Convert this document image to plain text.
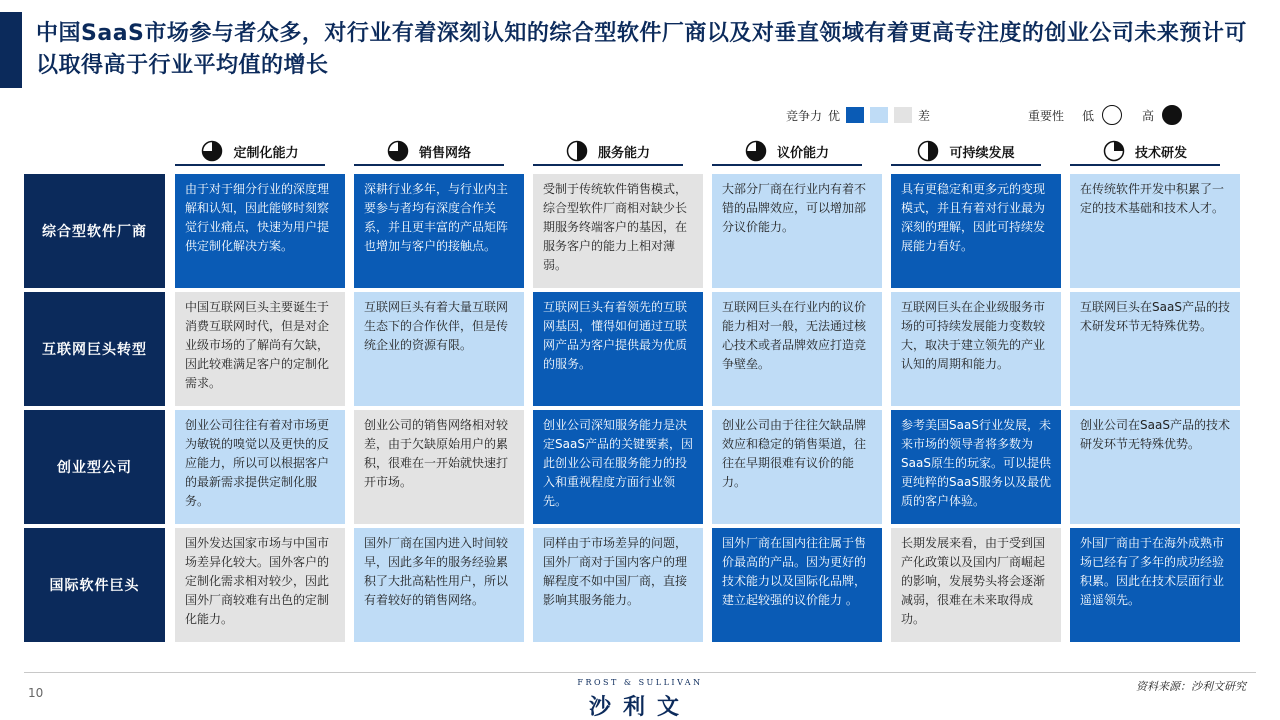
中国SaaS市场参与者众多，对行业有着深刻认知的综合型软件厂商以及对垂直领域有着更高专注度的创业公司未来预计可以取得高于行业平均值的增长
竞争力 优	差	重要性 低	高
定制化能力	销售网络	服务能力	议价能力	可持续发展	技术研发
综合型软件厂商
由于对于细分行业的深度理解和认知，因此能够时刻察觉行业痛点，快速为用户提供定制化解决方案。
深耕行业多年，与行业内主要参与者均有深度合作关系，并且更丰富的产品矩阵也增加与客户的接触点。
受制于传统软件销售模式，综合型软件厂商相对缺少长期服务终端客户的基因，在服务客户的能力上相对薄弱。
大部分厂商在行业内有着不错的品牌效应，可以增加部分议价能力。
具有更稳定和更多元的变现模式，并且有着对行业最为深刻的理解，因此可持续发展能力看好。
在传统软件开发中积累了一定的技术基础和技术人才。
互联网巨头转型
中国互联网巨头主要诞生于消费互联网时代，但是对企业级市场的了解尚有欠缺，因此较难满足客户的定制化需求。
互联网巨头有着大量互联网生态下的合作伙伴，但是传统企业的资源有限。
互联网巨头有着领先的互联网基因，懂得如何通过互联网产品为客户提供最为优质的服务。
互联网巨头在行业内的议价能力相对一般，无法通过核心技术或者品牌效应打造竞争壁垒。
互联网巨头在企业级服务市场的可持续发展能力变数较大，取决于建立领先的产业认知的周期和能力。
互联网巨头在SaaS产品的技术研发环节无特殊优势。
创业型公司
创业公司往往有着对市场更为敏锐的嗅觉以及更快的反应能力，所以可以根据客户的最新需求提供定制化服务。
创业公司的销售网络相对较差，由于欠缺原始用户的累积，很难在一开始就快速打开市场。
创业公司深知服务能力是决定SaaS产品的关键要素，因此创业公司在服务能力的投入和重视程度方面行业领先。
创业公司由于往往欠缺品牌效应和稳定的销售渠道，往往在早期很难有议价的能力。
参考美国SaaS行业发展，未来市场的领导者将多数为SaaS原生的玩家。可以提供更纯粹的SaaS服务以及最优质的客户体验。
创业公司在SaaS产品的技术研发环节无特殊优势。
国际软件巨头
国外发达国家市场与中国市场差异化较大。国外客户的定制化需求相对较少，因此国外厂商较难有出色的定制化能力。
国外厂商在国内进入时间较早，因此多年的服务经验累积了大批高粘性用户，所以有着较好的销售网络。
同样由于市场差异的问题，国外厂商对于国内客户的理解程度不如中国厂商，直接影响其服务能力。
国外厂商在国内往往属于售价最高的产品。因为更好的技术能力以及国际化品牌，建立起较强的议价能力 。
长期发展来看，由于受到国产化政策以及国内厂商崛起的影响，发展势头将会逐渐减弱，很难在未来取得成功。
外国厂商由于在海外成熟市场已经有了多年的成功经验积累。因此在技术层面行业遥遥领先。
10
FROST & SULLIVAN
沙利文
资料来源：沙利文研究
